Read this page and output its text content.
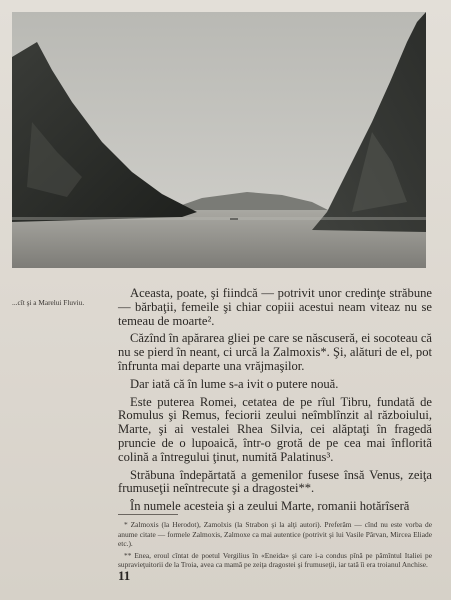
...cît şi a Marelui Fluviu.

Aceasta, poate, şi fiindcă — potrivit unor credinţe străbune — bărbaţii, femeile şi chiar copiii acestui neam viteaz nu se temeau de moarte².

Căzînd în apărarea gliei pe care se născuseră, ei socoteau că nu se pierd în neant, ci urcă la Zalmoxis*. Şi, alături de el, pot înfrunta mai departe una vrăjmaşilor.

Dar iată că în lume s-a ivit o putere nouă.

Este puterea Romei, cetatea de pe rîul Tibru, fundată de Romulus şi Remus, feciorii zeului neîmblînzit al războiului, Marte, şi ai vestalei Rhea Silvia, cei alăptaţi în fragedă pruncie de o lupoaică, într-o grotă de pe cea mai înfloritã colină a întregului ţinut, numită Palatinus³.

Străbuna îndepărtată a gemenilor fusese însă Venus, zeiţa frumuseţii neîntrecute şi a dragostei**.

În numele acesteia şi a zeului Marte, romanii hotărîseră

* Zalmoxis (la Herodot), Zamolxis (la Strabon şi la alţi autori). Preferăm — cînd nu este vorba de anume citate — formele Zalmoxis, Zalmoxe ca mai autentice (potrivit şi lui Vasile Pârvan, Mircea Eliade etc.).

** Enea, eroul cîntat de poetul Vergilius în «Eneida» şi care i-a condus pînă pe pămîntul Italiei pe supravieţuitorii de la Troia, avea ca mamă pe zeiţa dragostei şi frumuseţii, iar tată îi era troianul Anchise.

11
